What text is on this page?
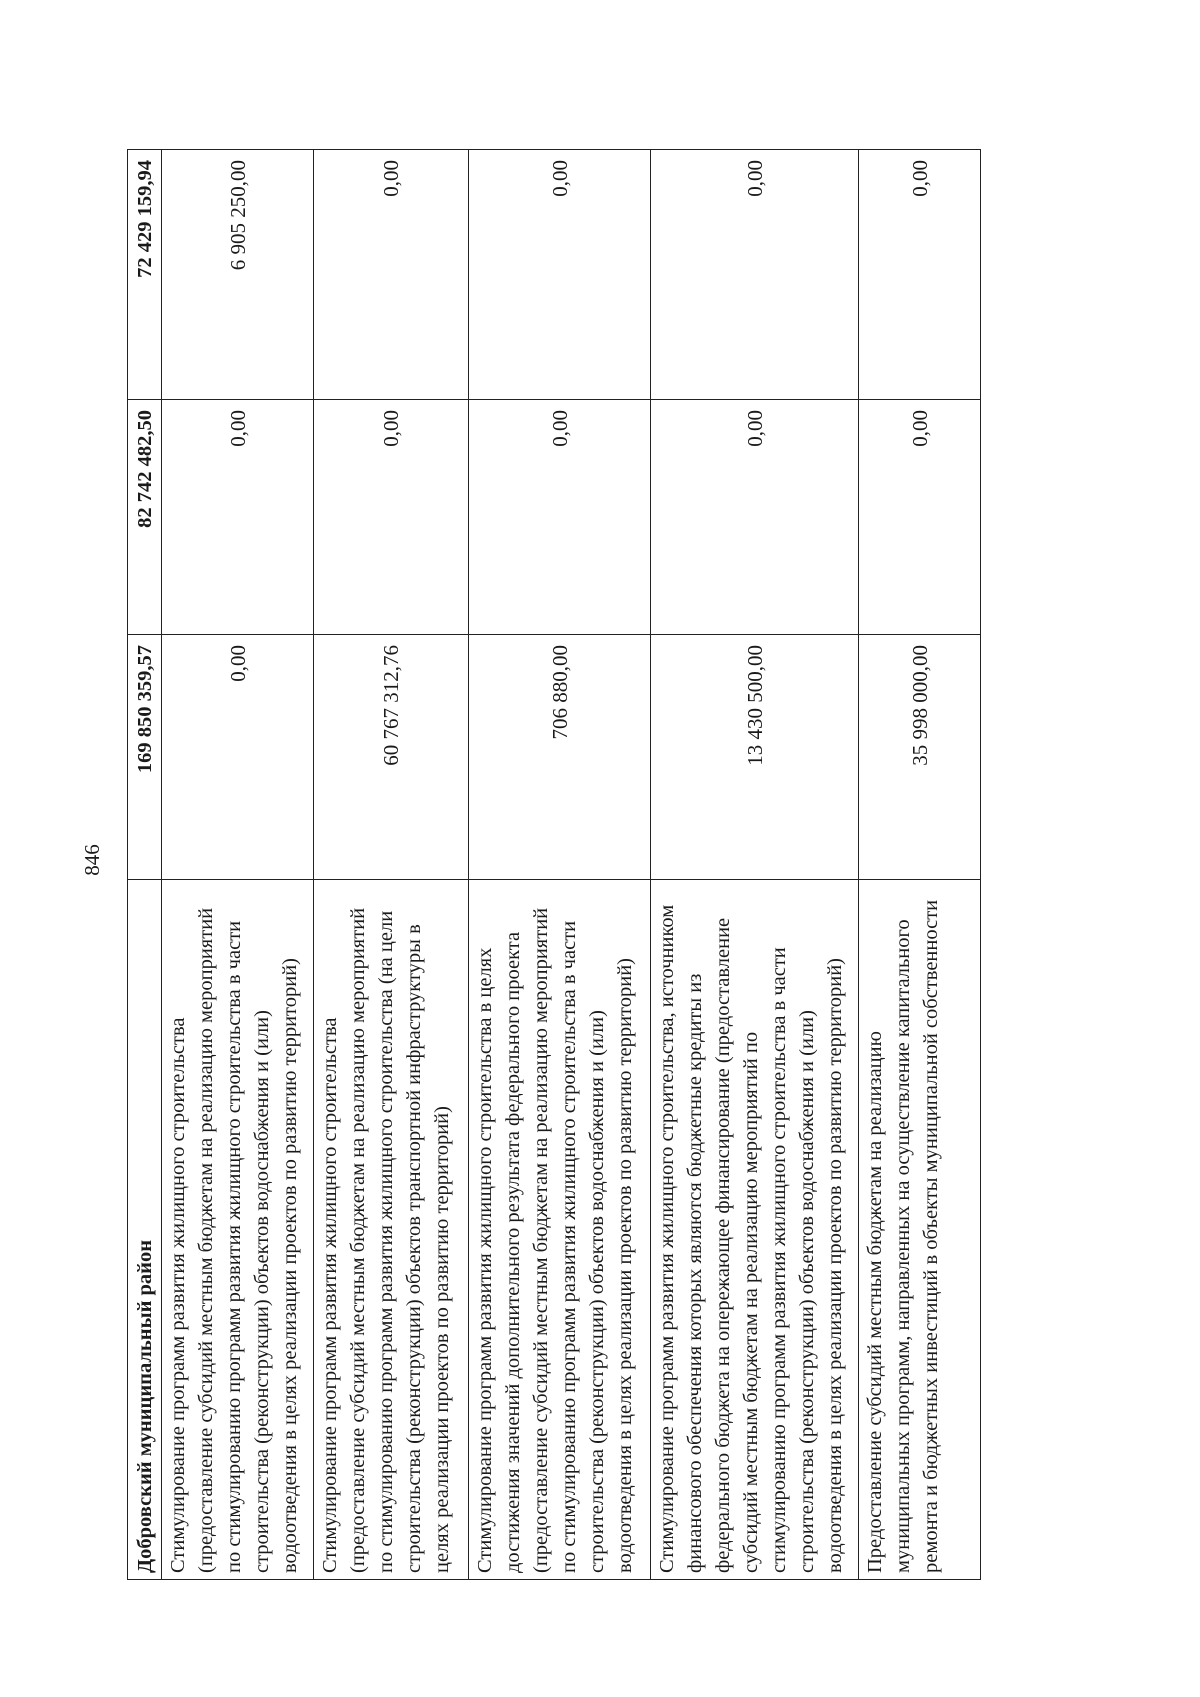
846
Добровский муниципальный район	169 850 359,57	82 742 482,50	72 429 159,94
Стимулирование программ развития жилищного строительства (предоставление субсидий местным бюджетам на реализацию мероприятий по стимулированию программ развития жилищного строительства в части строительства (реконструкции) объектов водоснабжения и (или) водоотведения в целях реализации проектов по развитию территорий)	0,00	0,00	6 905 250,00
Стимулирование программ развития жилищного строительства (предоставление субсидий местным бюджетам на реализацию мероприятий по стимулированию программ развития жилищного строительства (на цели строительства (реконструкции) объектов транспортной инфраструктуры в целях реализации проектов по развитию территорий)	60 767 312,76	0,00	0,00
Стимулирование программ развития жилищного строительства в целях достижения значений дополнительного результата федерального проекта (предоставление субсидий местным бюджетам на реализацию мероприятий по стимулированию программ развития жилищного строительства в части строительства (реконструкции) объектов водоснабжения и (или) водоотведения в целях реализации проектов по развитию территорий)	706 880,00	0,00	0,00
Стимулирование программ развития жилищного строительства, источником финансового обеспечения которых являются бюджетные кредиты из федерального бюджета на опережающее финансирование (предоставление субсидий местным бюджетам на реализацию мероприятий по стимулированию программ развития жилищного строительства в части строительства (реконструкции) объектов водоснабжения и (или) водоотведения в целях реализации проектов по развитию территорий)	13 430 500,00	0,00	0,00
Предоставление субсидий местным бюджетам на реализацию муниципальных программ, направленных на осуществление капитального ремонта и бюджетных инвестиций в объекты муниципальной собственности	35 998 000,00	0,00	0,00
